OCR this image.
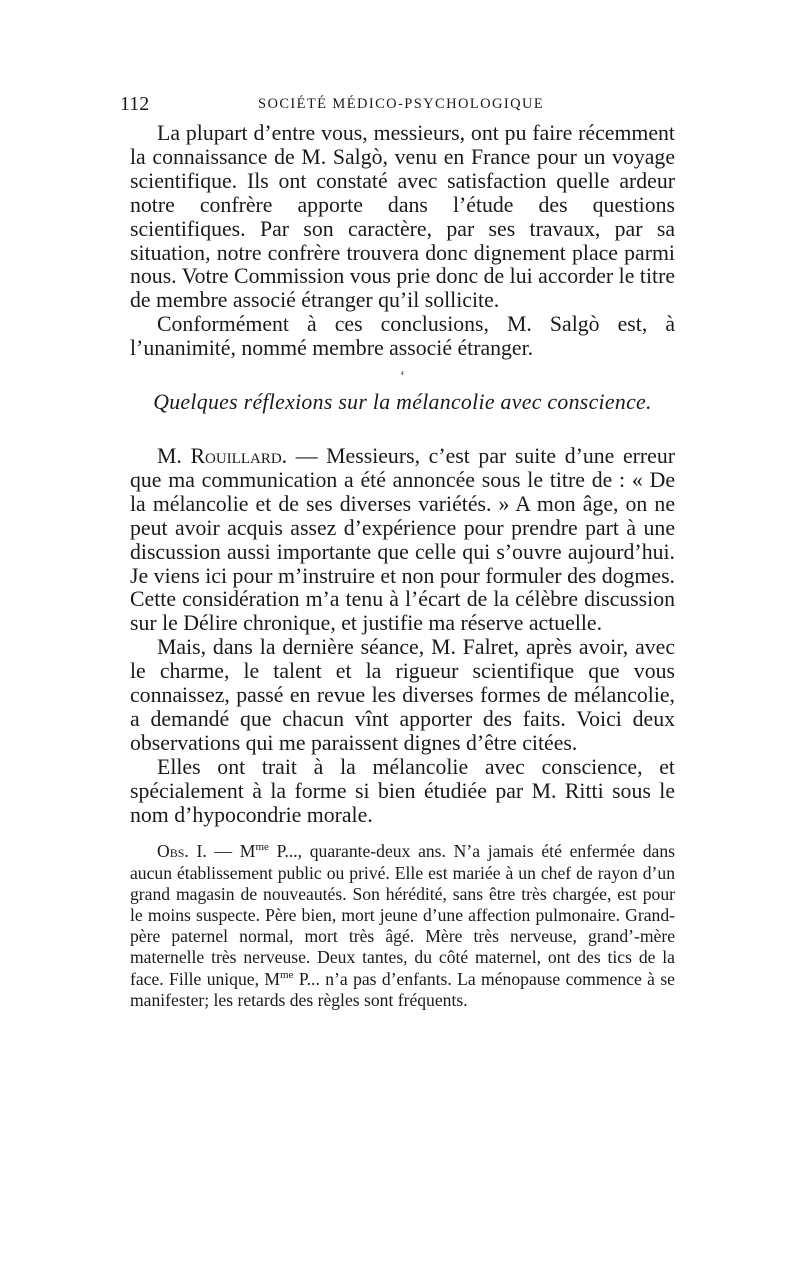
112	SOCIÉTÉ MÉDICO-PSYCHOLOGIQUE

La plupart d’entre vous, messieurs, ont pu faire récemment la connaissance de M. Salgò, venu en France pour un voyage scientifique. Ils ont constaté avec satisfaction quelle ardeur notre confrère apporte dans l’étude des questions scientifiques. Par son caractère, par ses travaux, par sa situation, notre confrère trouvera donc dignement place parmi nous. Votre Commission vous prie donc de lui accorder le titre de membre associé étranger qu’il sollicite.

Conformément à ces conclusions, M. Salgò est, à l’unanimité, nommé membre associé étranger.

‘
Quelques réflexions sur la mélancolie avec conscience.

M. Rouillard. — Messieurs, c’est par suite d’une erreur que ma communication a été annoncée sous le titre de : « De la mélancolie et de ses diverses variétés. » A mon âge, on ne peut avoir acquis assez d’expérience pour prendre part à une discussion aussi importante que celle qui s’ouvre aujourd’hui. Je viens ici pour m’instruire et non pour formuler des dogmes. Cette considération m’a tenu à l’écart de la célèbre discussion sur le Délire chronique, et justifie ma réserve actuelle.

Mais, dans la dernière séance, M. Falret, après avoir, avec le charme, le talent et la rigueur scientifique que vous connaissez, passé en revue les diverses formes de mélancolie, a demandé que chacun vînt apporter des faits. Voici deux observations qui me paraissent dignes d’être citées.

Elles ont trait à la mélancolie avec conscience, et spécialement à la forme si bien étudiée par M. Ritti sous le nom d’hypocondrie morale.

Obs. I. — $M^{me}$ P..., quarante-deux ans. N’a jamais été enfermée dans aucun établissement public ou privé. Elle est mariée à un chef de rayon d’un grand magasin de nouveautés. Son hérédité, sans être très chargée, est pour le moins suspecte. Père bien, mort jeune d’une affection pulmonaire. Grand-père paternel normal, mort très âgé. Mère très nerveuse, grand’-mère maternelle très nerveuse. Deux tantes, du côté maternel, ont des tics de la face. Fille unique, $M^{me}$ P... n’a pas d’enfants. La ménopause commence à se manifester; les retards des règles sont fréquents.
